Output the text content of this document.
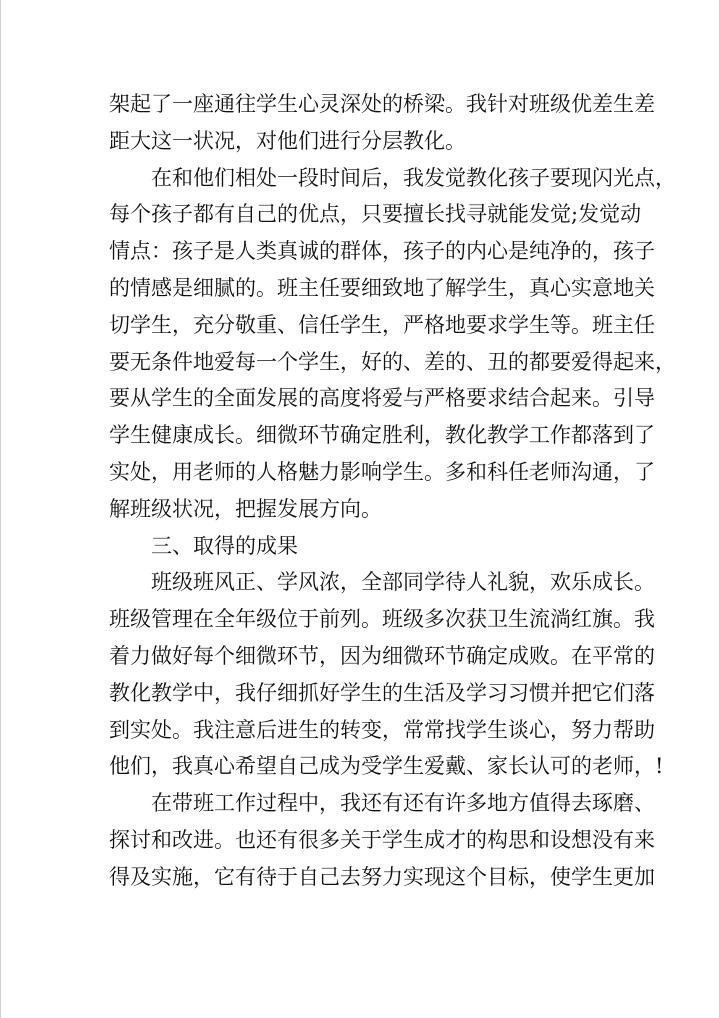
架起了一座通往学生心灵深处的桥梁。我针对班级优差生差
距大这一状况，对他们进行分层教化。
在和他们相处一段时间后，我发觉教化孩子要现闪光点，
每个孩子都有自己的优点，只要擅长找寻就能发觉;发觉动
情点：孩子是人类真诚的群体，孩子的内心是纯净的，孩子
的情感是细腻的。班主任要细致地了解学生，真心实意地关
切学生，充分敬重、信任学生，严格地要求学生等。班主任
要无条件地爱每一个学生，好的、差的、丑的都要爱得起来，
要从学生的全面发展的高度将爱与严格要求结合起来。引导
学生健康成长。细微环节确定胜利，教化教学工作都落到了
实处，用老师的人格魅力影响学生。多和科任老师沟通，了
解班级状况，把握发展方向。
三、取得的成果
班级班风正、学风浓，全部同学待人礼貌，欢乐成长。
班级管理在全年级位于前列。班级多次获卫生流淌红旗。我
着力做好每个细微环节，因为细微环节确定成败。在平常的
教化教学中，我仔细抓好学生的生活及学习习惯并把它们落
到实处。我注意后进生的转变，常常找学生谈心，努力帮助
他们，我真心希望自己成为受学生爱戴、家长认可的老师，!
在带班工作过程中，我还有还有许多地方值得去琢磨、
探讨和改进。也还有很多关于学生成才的构思和设想没有来
得及实施，它有待于自己去努力实现这个目标，使学生更加
